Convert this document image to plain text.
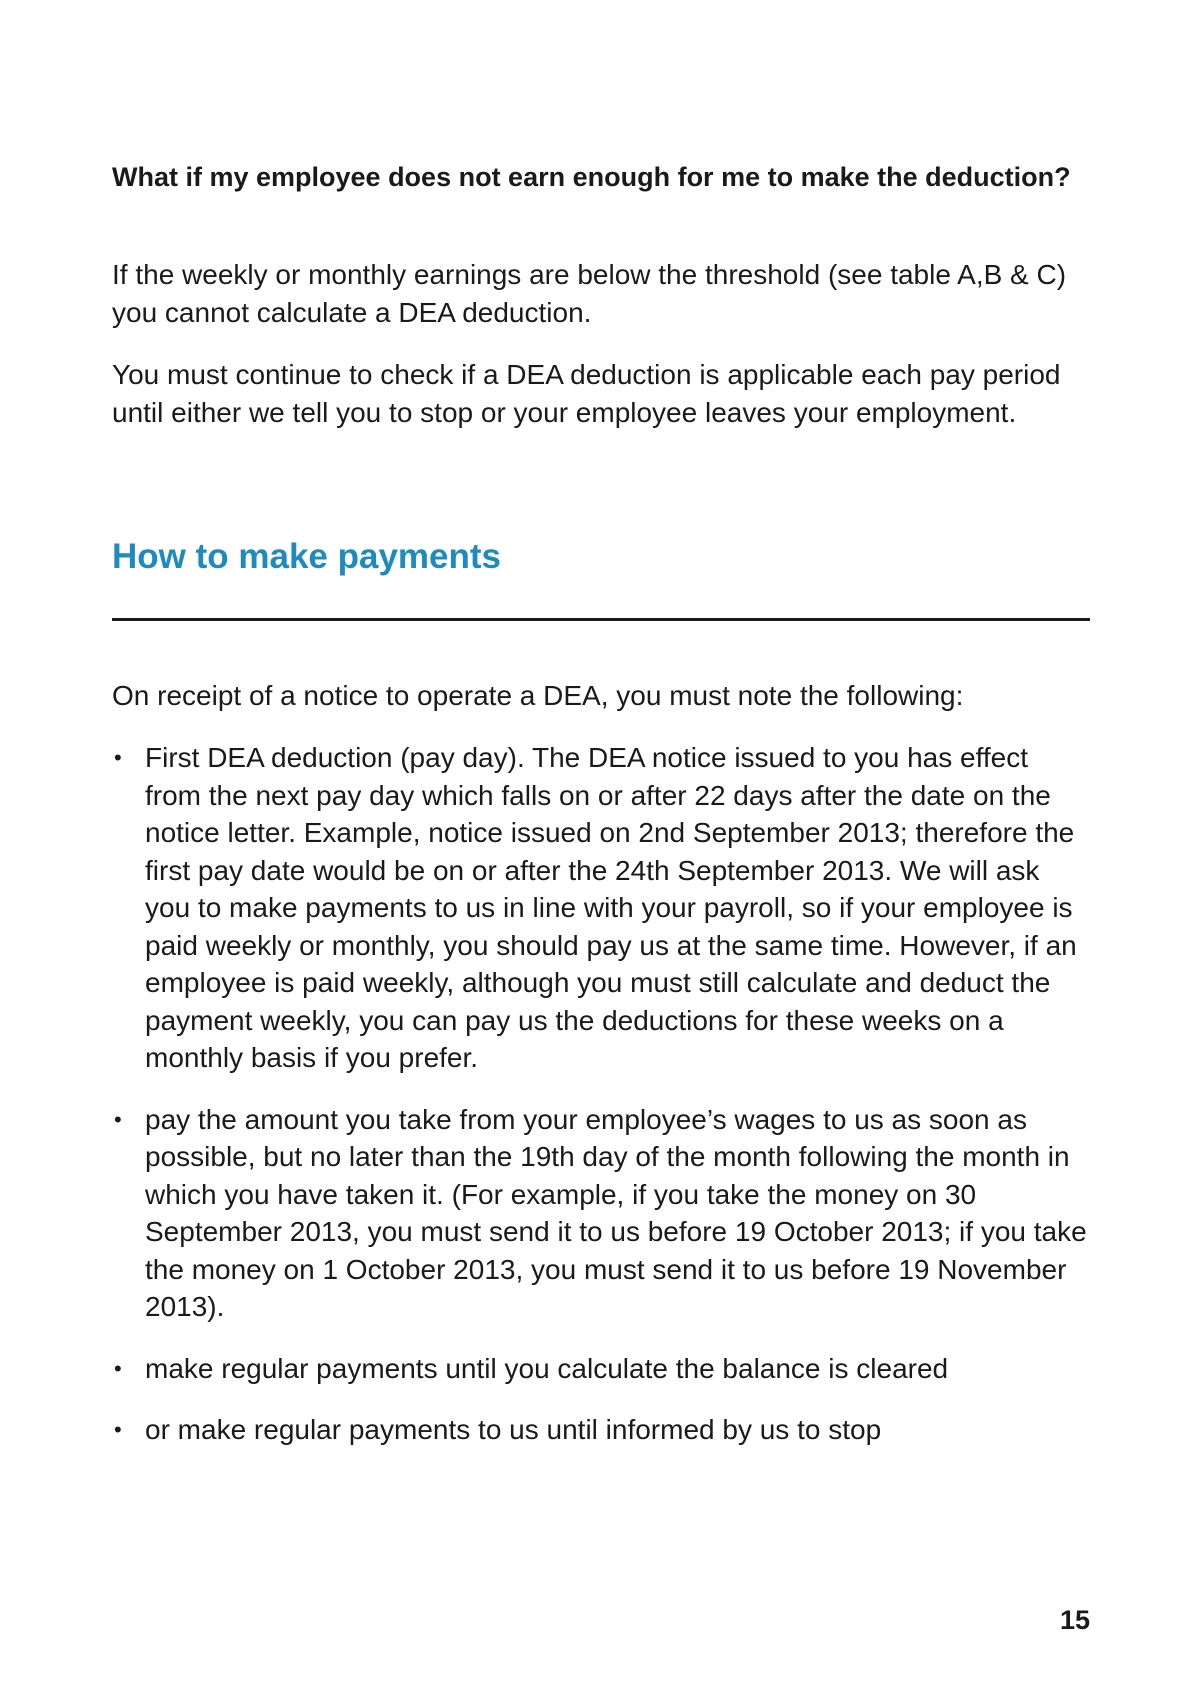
What if my employee does not earn enough for me to make the deduction?

If the weekly or monthly earnings are below the threshold (see table A,B & C) you cannot calculate a DEA deduction.

You must continue to check if a DEA deduction is applicable each pay period until either we tell you to stop or your employee leaves your employment.

How to make payments

On receipt of a notice to operate a DEA, you must note the following:

• First DEA deduction (pay day). The DEA notice issued to you has effect from the next pay day which falls on or after 22 days after the date on the notice letter. Example, notice issued on 2nd September 2013; therefore the first pay date would be on or after the 24th September 2013. We will ask you to make payments to us in line with your payroll, so if your employee is paid weekly or monthly, you should pay us at the same time. However, if an employee is paid weekly, although you must still calculate and deduct the payment weekly, you can pay us the deductions for these weeks on a monthly basis if you prefer.
• pay the amount you take from your employee’s wages to us as soon as possible, but no later than the 19th day of the month following the month in which you have taken it. (For example, if you take the money on 30 September 2013, you must send it to us before 19 October 2013; if you take the money on 1 October 2013, you must send it to us before 19 November 2013).
• make regular payments until you calculate the balance is cleared
• or make regular payments to us until informed by us to stop

15
